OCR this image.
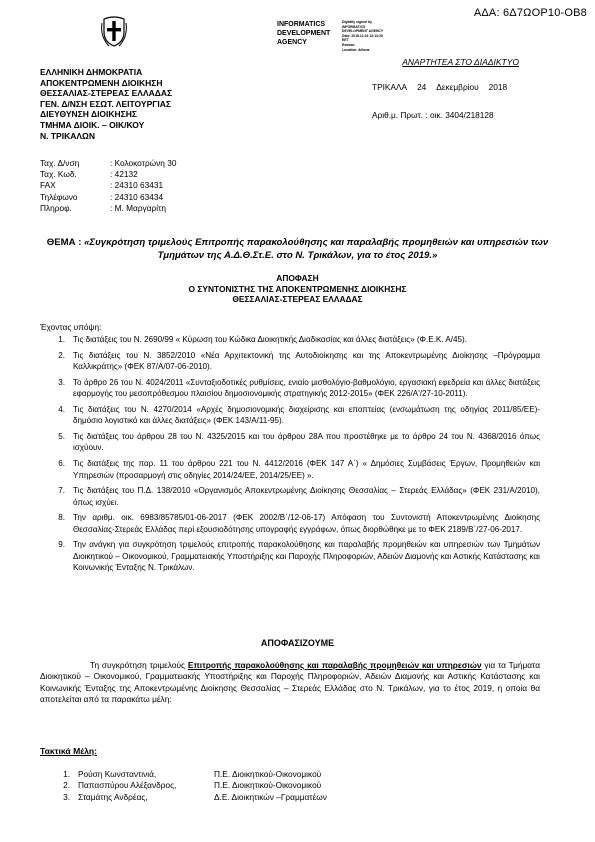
ΑΔΑ: 6Δ7ΩΟΡ10-ΟΒ8
INFORMATICS
DEVELOPMENT
AGENCY
Digitally signed by
INFORMATICS
DEVELOPMENT AGENCY
Date: 2018.12.24 13:13:20
EET
Reason:
Location: Athens
ΑΝΑΡΤΗΤΕΑ ΣΤΟ ΔΙΑΔΙΚΤΥΟ
ΕΛΛΗΝΙΚΗ ΔΗΜΟΚΡΑΤΙΑ
ΑΠΟΚΕΝΤΡΩΜΕΝΗ ΔΙΟΙΚΗΣΗ
ΘΕΣΣΑΛΙΑΣ-ΣΤΕΡΕΑΣ ΕΛΛΑΔΑΣ
ΓΕΝ. Δ/ΝΣΗ ΕΣΩΤ. ΛΕΙΤΟΥΡΓΙΑΣ
ΔΙΕΥΘΥΝΣΗ ΔΙΟΙΚΗΣΗΣ
ΤΜΗΜΑ ΔΙΟΙΚ. – ΟΙΚ/ΚΟΥ
Ν. ΤΡΙΚΑΛΩΝ
ΤΡΙΚΑΛΑ 24 Δεκεμβρίου 2018
Αριθ.μ. Πρωτ. : οικ. 3404/218128
Ταχ. Δ/νση	: Κολοκοτρώνη 30
Ταχ. Κωδ.	: 42132
FAX	: 24310 63431
Τηλέφωνο	: 24310 63434
Πληροφ.	: Μ. Μαργαρίτη
ΘΕΜΑ : «Συγκρότηση τριμελούς Επιτροπής παρακολούθησης και παραλαβής προμηθειών και υπηρεσιών των Τμημάτων της Α.Δ.Θ.Στ.Ε. στο Ν. Τρικάλων, για το έτος 2019.»
ΑΠΟΦΑΣΗ
Ο ΣΥΝΤΟΝΙΣΤΗΣ ΤΗΣ ΑΠΟΚΕΝΤΡΩΜΕΝΗΣ ΔΙΟΙΚΗΣΗΣ
ΘΕΣΣΑΛΙΑΣ-ΣΤΕΡΕΑΣ ΕΛΛΑΔΑΣ
Έχοντας υπόψη:
1. Τις διατάξεις του Ν. 2690/99 « Κύρωση του Κώδικα Διοικητικής Διαδικασίας και άλλες διατάξεις» (Φ.Ε.Κ. Α/45).
2. Τις διατάξεις του Ν. 3852/2010 «Νέα Αρχιτεκτονική της Αυτοδιοίκησης και της Αποκεντρωμένης Διοίκησης –Πρόγραμμα Καλλικράτης» (ΦΕΚ 87/Α/07-06-2010).
3. Το άρθρο 26 του Ν. 4024/2011 «Συνταξιοδοτικές ρυθμίσεις, ενιαίο μισθολόγιο-βαθμολόγιο, εργασιακή εφεδρεία και άλλες διατάξεις εφαρμογής του μεσοπρόθεσμου πλαισίου δημοσιονομικής στρατηγικής 2012-2015» (ΦΕΚ 226/Α'/27-10-2011).
4. Τις διατάξεις του Ν. 4270/2014 «Αρχές δημοσιονομικής διαχείρισης και εποπτείας (ενσωμάτωση της οδηγίας 2011/85/ΕΕ)- δημόσιο λογιστικό και άλλες διατάξεις» (ΦΕΚ 143/Α/11-95).
5. Τις διατάξεις του άρθρου 28 του Ν. 4325/2015 και του άρθρου 28Α που προστέθηκε με το άρθρο 24 του Ν. 4368/2016 όπως ισχύουν.
6. Τις διατάξεις της παρ. 11 του άρθρου 221 του Ν. 4412/2016 (ΦΕΚ 147 Α΄) « Δημόσιες Συμβάσεις Έργων, Προμηθειών και Υπηρεσιών (προσαρμογή στις οδηγίες 2014/24/ΕΕ, 2014/25/ΕΕ) ».
7. Τις διατάξεις του Π.Δ. 138/2010 «Οργανισμός Αποκεντρωμένης Διοίκησης Θεσσαλίας – Στερεάς Ελλάδας» (ΦΕΚ 231/Α/2010), όπως ισχύει.
8. Την αριθμ. οικ. 6983/85785/01-06-2017 (ΦΕΚ 2002/Β΄/12-06-17) Απόφαση του Συντονιστή Αποκεντρωμένης Διοίκησης Θεσσαλίας-Στερεάς Ελλάδας περί εξουσιοδότησης υπογραφής εγγράφων, όπως διορθώθηκε με το ΦΕΚ 2189/Β΄/27-06-2017.
9. Την ανάγκη για συγκρότηση τριμελούς επιτροπής παρακολούθησης και παραλαβής προμηθειών και υπηρεσιών των Τμημάτων Διοικητικού – Οικονομικού, Γραμματειακής Υποστήριξης και Παροχής Πληροφοριών, Αδειών Διαμονής και Αστικής Κατάστασης και Κοινωνικής Ένταξης Ν. Τρικάλων.
ΑΠΟΦΑΣΙΖΟΥΜΕ
Τη συγκρότηση τριμελούς Επιτροπής παρακολούθησης και παραλαβής προμηθειών και υπηρεσιών για τα Τμήματα Διοικητικού – Οικονομικού, Γραμματειακής Υποστήριξης και Παροχής Πληροφοριών, Αδειών Διαμονής και Αστικής Κατάστασης και Κοινωνικής Ένταξης της Αποκεντρωμένης Διοίκησης Θεσσαλίας – Στερεάς Ελλάδας στο Ν. Τρικάλων, για το έτος 2019, η οποία θα αποτελείται από τα παρακάτω μέλη:
Τακτικά Μέλη:
1. Ρούση Κωνσταντινιά,	Π.Ε. Διοικητικού-Οικονομικού
2. Παπασπύρου Αλέξανδρος,	Π.Ε. Διοικητικού-Οικονομικού
3. Σταμάτης Ανδρέας,	Δ.Ε. Διοικητικών –Γραμματέων
